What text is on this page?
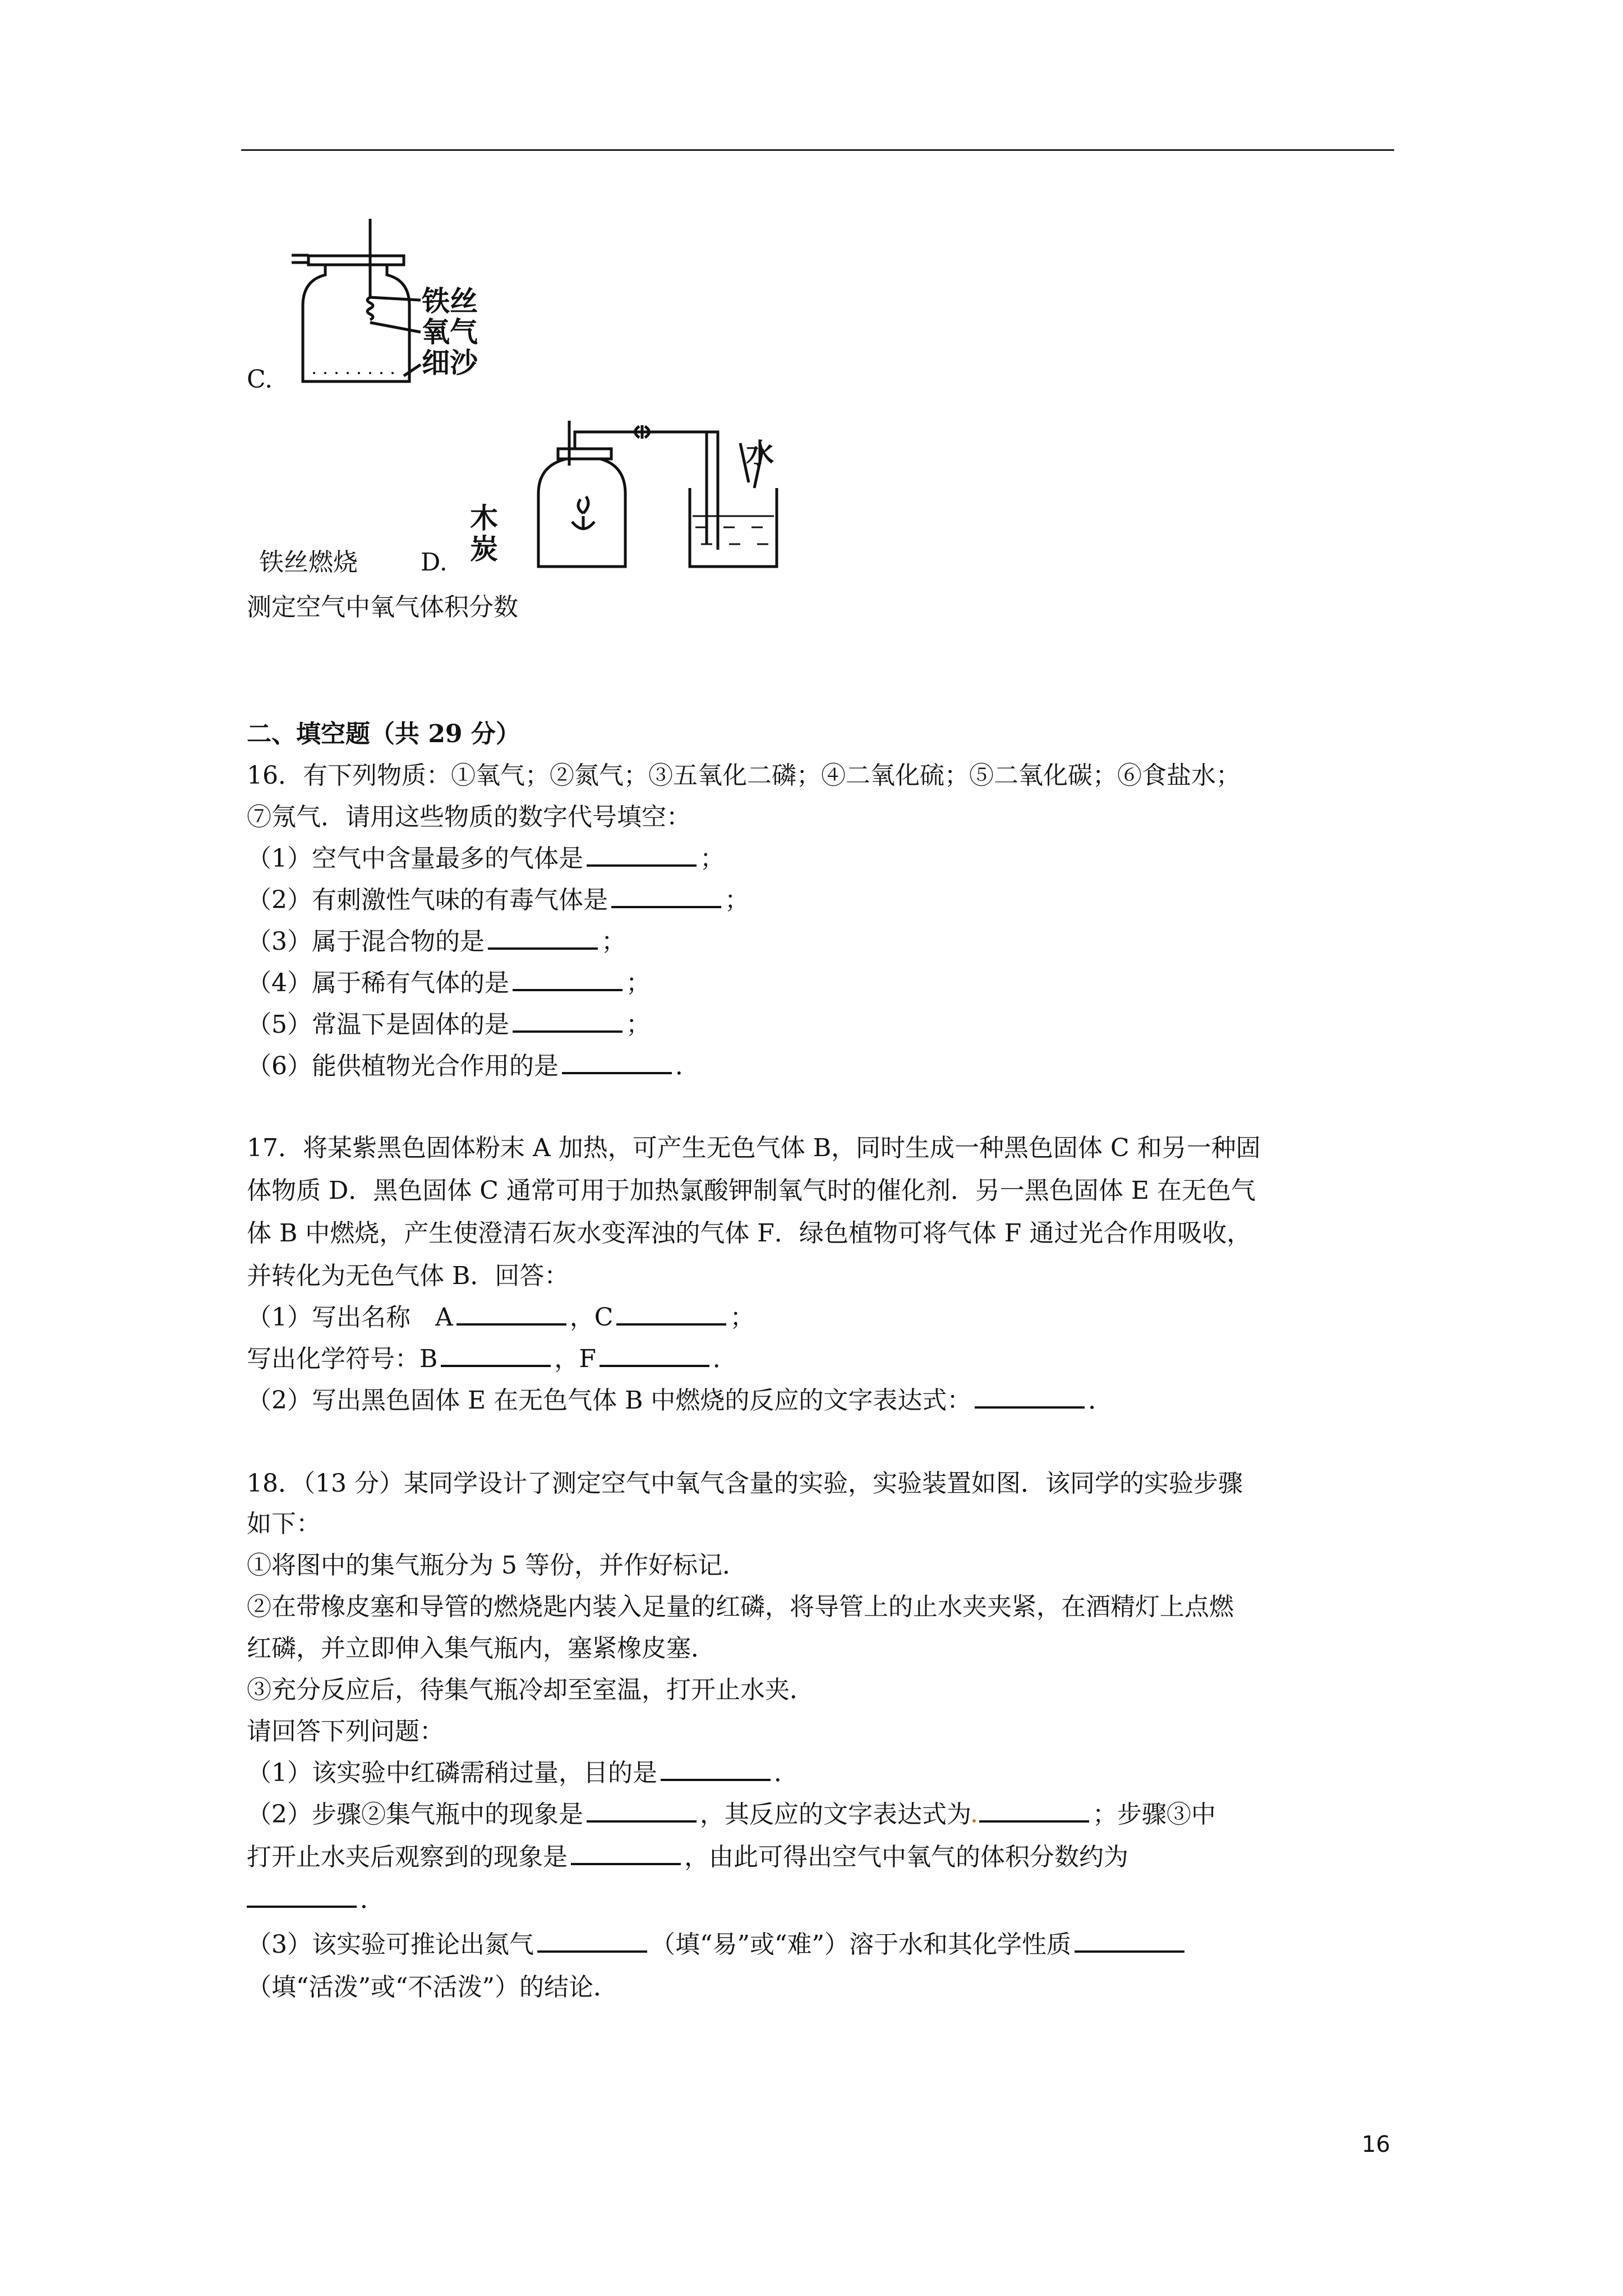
C.
铁丝
氧气
细沙
木
炭
水
铁丝燃烧	D.
测定空气中氧气体积分数
二、填空题（共 29 分）
16．有下列物质：①氧气；②氮气；③五氧化二磷；④二氧化硫；⑤二氧化碳；⑥食盐水；
⑦氖气．请用这些物质的数字代号填空：
（1）空气中含量最多的气体是	；
（2）有刺激性气味的有毒气体是	；
（3）属于混合物的是	；
（4）属于稀有气体的是	；
（5）常温下是固体的是	；
（6）能供植物光合作用的是	．
17．将某紫黑色固体粉末 A 加热，可产生无色气体 B，同时生成一种黑色固体 C 和另一种固
体物质 D．黑色固体 C 通常可用于加热氯酸钾制氧气时的催化剂．另一黑色固体 E 在无色气
体 B 中燃烧，产生使澄清石灰水变浑浊的气体 F．绿色植物可将气体 F 通过光合作用吸收，
并转化为无色气体 B．回答：
（1）写出名称　A	，C	；
写出化学符号：B	，F	．
（2）写出黑色固体 E 在无色气体 B 中燃烧的反应的文字表达式：	．
18．（13 分）某同学设计了测定空气中氧气含量的实验，实验装置如图．该同学的实验步骤
如下：
①将图中的集气瓶分为 5 等份，并作好标记．
②在带橡皮塞和导管的燃烧匙内装入足量的红磷，将导管上的止水夹夹紧，在酒精灯上点燃
红磷，并立即伸入集气瓶内，塞紧橡皮塞．
③充分反应后，待集气瓶冷却至室温，打开止水夹．
请回答下列问题：
（1）该实验中红磷需稍过量，目的是	．
（2）步骤②集气瓶中的现象是	，其反应的文字表达式为	；步骤③中
打开止水夹后观察到的现象是	，由此可得出空气中氧气的体积分数约为
．
（3）该实验可推论出氮气	（填“易”或“难”）溶于水和其化学性质
（填“活泼”或“不活泼”）的结论．
16
